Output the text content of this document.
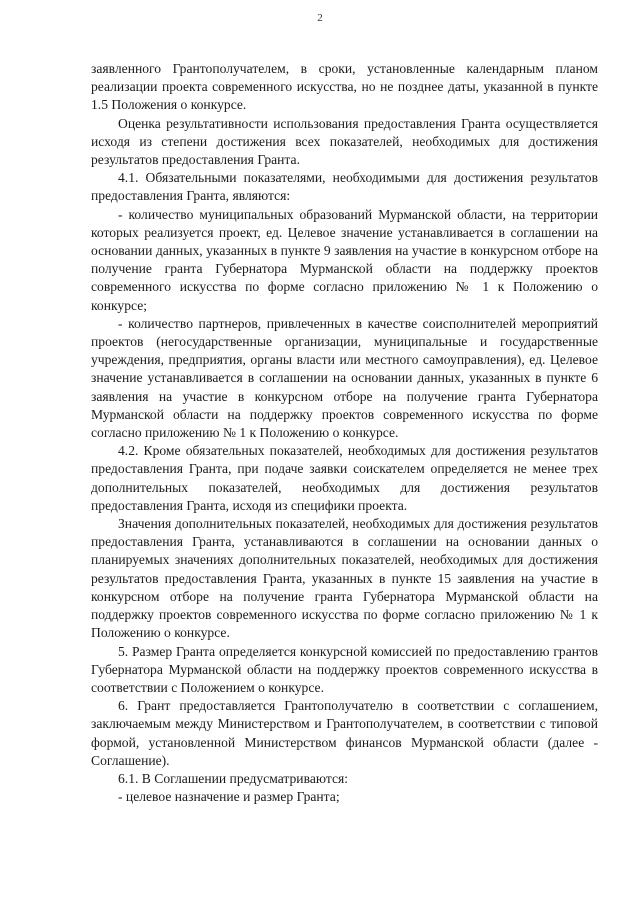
2

заявленного Грантополучателем, в сроки, установленные календарным планом реализации проекта современного искусства, но не позднее даты, указанной в пункте 1.5 Положения о конкурсе.

Оценка результативности использования предоставления Гранта осуществляется исходя из степени достижения всех показателей, необходимых для достижения результатов предоставления Гранта.

4.1. Обязательными показателями, необходимыми для достижения результатов предоставления Гранта, являются:

- количество муниципальных образований Мурманской области, на территории которых реализуется проект, ед. Целевое значение устанавливается в соглашении на основании данных, указанных в пункте 9 заявления на участие в конкурсном отборе на получение гранта Губернатора Мурманской области на поддержку проектов современного искусства по форме согласно приложению № 1 к Положению о конкурсе;

- количество партнеров, привлеченных в качестве соисполнителей мероприятий проектов (негосударственные организации, муниципальные и государственные учреждения, предприятия, органы власти или местного самоуправления), ед. Целевое значение устанавливается в соглашении на основании данных, указанных в пункте 6 заявления на участие в конкурсном отборе на получение гранта Губернатора Мурманской области на поддержку проектов современного искусства по форме согласно приложению № 1 к Положению о конкурсе.

4.2. Кроме обязательных показателей, необходимых для достижения результатов предоставления Гранта, при подаче заявки соискателем определяется не менее трех дополнительных показателей, необходимых для достижения результатов предоставления Гранта, исходя из специфики проекта.

Значения дополнительных показателей, необходимых для достижения результатов предоставления Гранта, устанавливаются в соглашении на основании данных о планируемых значениях дополнительных показателей, необходимых для достижения результатов предоставления Гранта, указанных в пункте 15 заявления на участие в конкурсном отборе на получение гранта Губернатора Мурманской области на поддержку проектов современного искусства по форме согласно приложению № 1 к Положению о конкурсе.

5. Размер Гранта определяется конкурсной комиссией по предоставлению грантов Губернатора Мурманской области на поддержку проектов современного искусства в соответствии с Положением о конкурсе.

6. Грант предоставляется Грантополучателю в соответствии с соглашением, заключаемым между Министерством и Грантополучателем, в соответствии с типовой формой, установленной Министерством финансов Мурманской области (далее - Соглашение).

6.1. В Соглашении предусматриваются:

- целевое назначение и размер Гранта;
